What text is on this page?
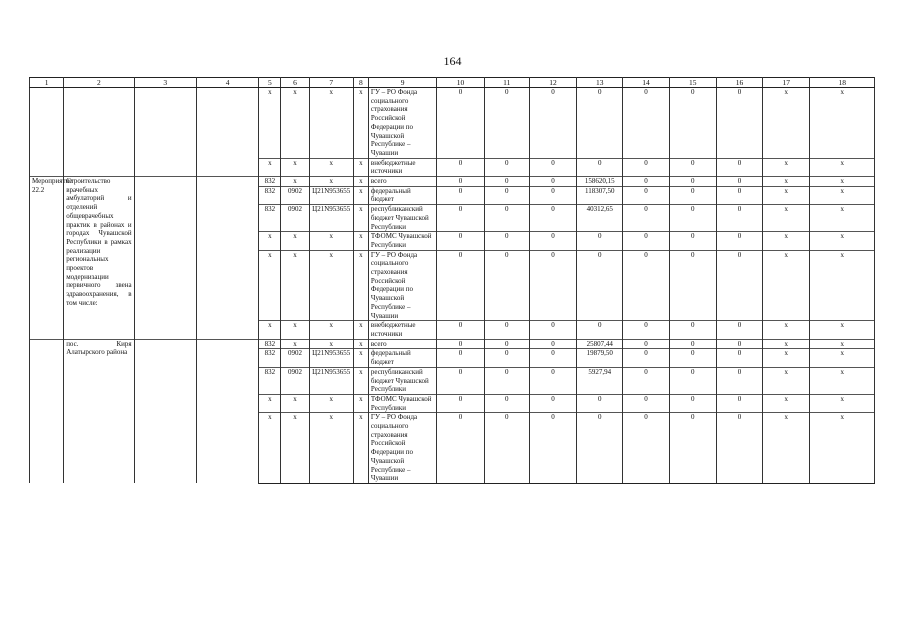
164
1	2	3	4	5	6	7	8	9	10	11	12	13	14	15	16	17	18
				x	x	x	x	ГУ – РО Фонда социального страхования Российской Федерации по Чувашской Республике – Чувашии	0	0	0	0	0	0	0	x	x
				x	x	x	x	внебюджетные источники	0	0	0	0	0	0	0	x	x
Мероприятие 22.2	Строительство врачебных амбулаторий и отделений общеврачебных практик в районах и городах Чувашской Республики в рамках реализации региональных проектов модернизации первичного звена здравоохранения, в том числе:			832	x	x	x	всего	0	0	0	158620,15	0	0	0	x	x
				832	0902	Ц21N953655	x	федеральный бюджет	0	0	0	118307,50	0	0	0	x	x
				832	0902	Ц21N953655	x	республиканский бюджет Чувашской Республики	0	0	0	40312,65	0	0	0	x	x
				x	x	x	x	ТФОМС Чувашской Республики	0	0	0	0	0	0	0	x	x
				x	x	x	x	ГУ – РО Фонда социального страхования Российской Федерации по Чувашской Республике – Чувашии	0	0	0	0	0	0	0	x	x
				x	x	x	x	внебюджетные источники	0	0	0	0	0	0	0	x	x
	пос. Киря Алатырского района			832	x	x	x	всего	0	0	0	25807,44	0	0	0	x	x
				832	0902	Ц21N953655	x	федеральный бюджет	0	0	0	19879,50	0	0	0	x	x
				832	0902	Ц21N953655	x	республиканский бюджет Чувашской Республики	0	0	0	5927,94	0	0	0	x	x
				x	x	x	x	ТФОМС Чувашской Республики	0	0	0	0	0	0	0	x	x
				x	x	x	x	ГУ – РО Фонда социального страхования Российской Федерации по Чувашской Республике – Чувашии	0	0	0	0	0	0	0	x	x
